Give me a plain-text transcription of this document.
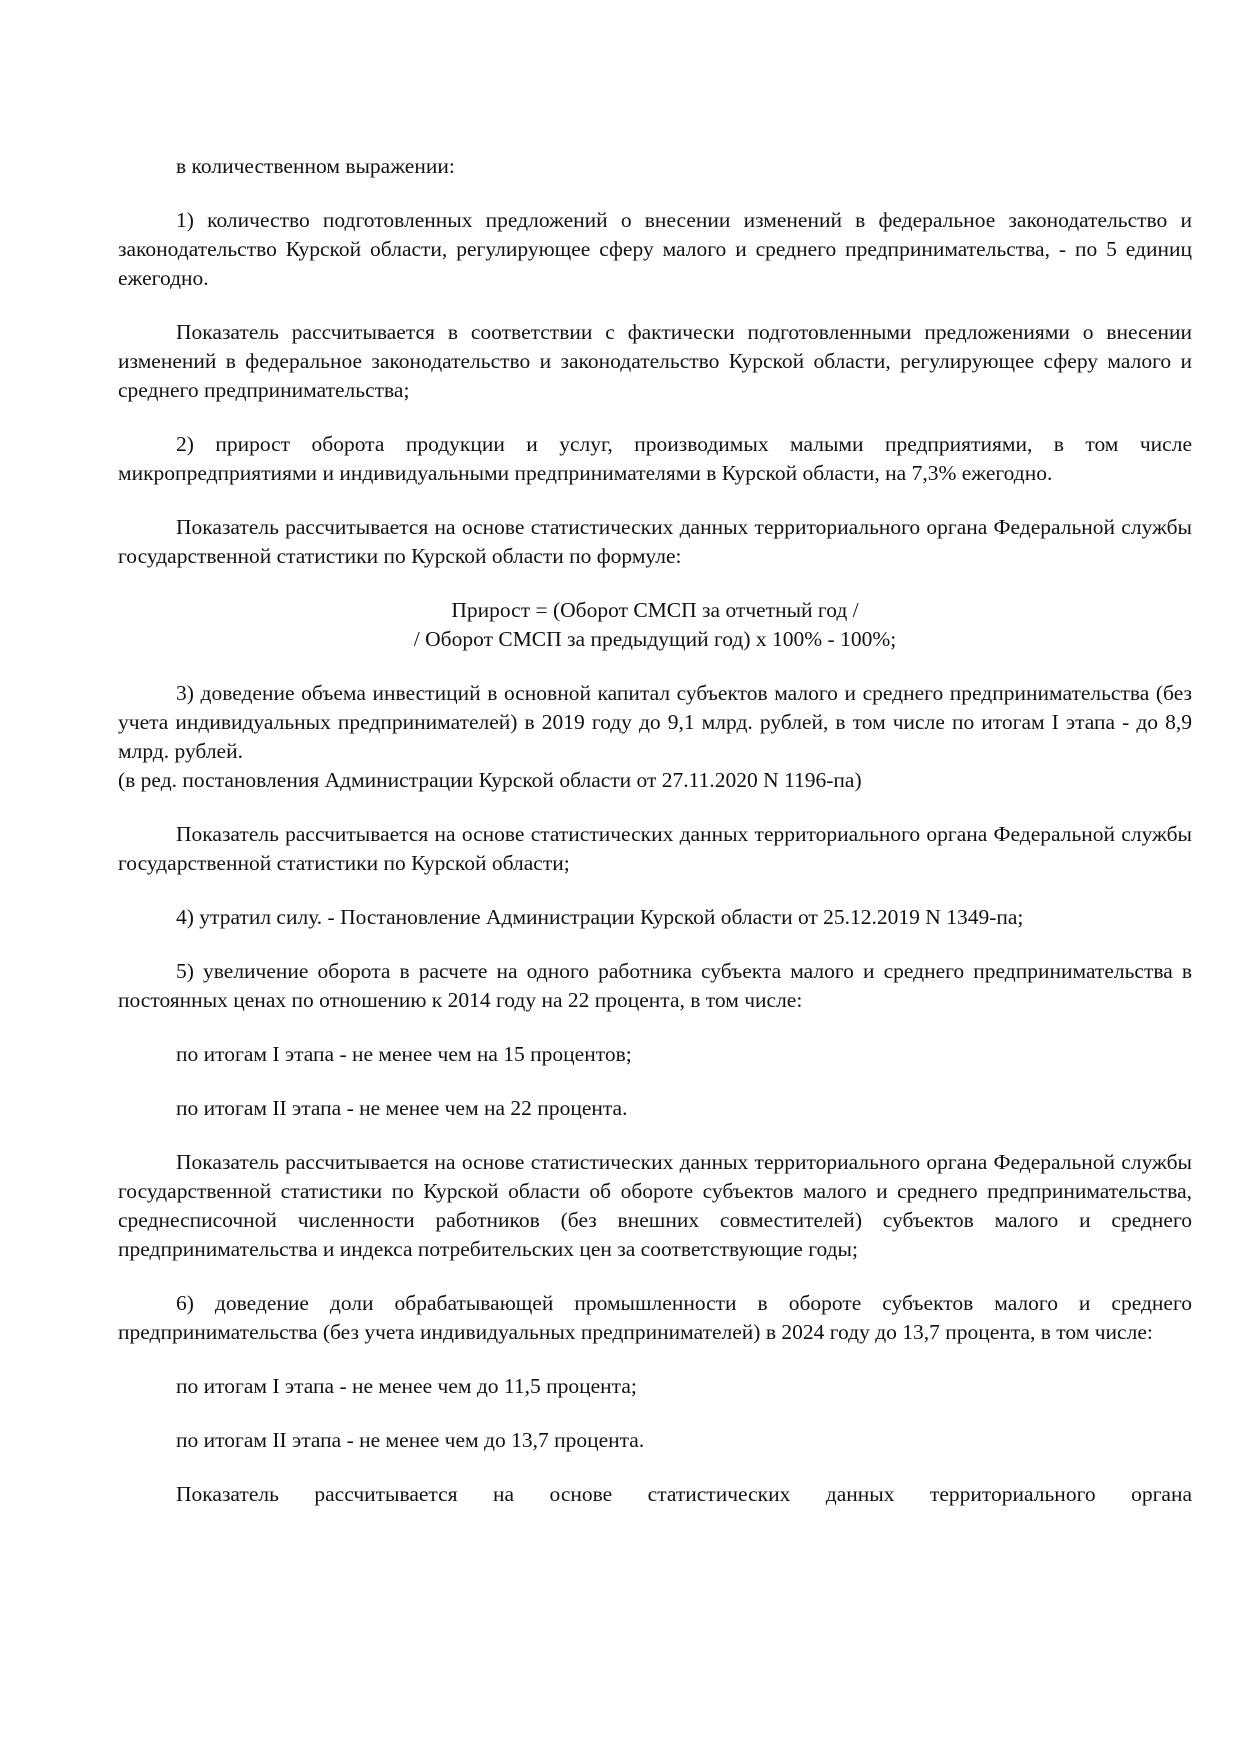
в количественном выражении:

1) количество подготовленных предложений о внесении изменений в федеральное законодательство и законодательство Курской области, регулирующее сферу малого и среднего предпринимательства, - по 5 единиц ежегодно.

Показатель рассчитывается в соответствии с фактически подготовленными предложениями о внесении изменений в федеральное законодательство и законодательство Курской области, регулирующее сферу малого и среднего предпринимательства;

2) прирост оборота продукции и услуг, производимых малыми предприятиями, в том числе микропредприятиями и индивидуальными предпринимателями в Курской области, на 7,3% ежегодно.

Показатель рассчитывается на основе статистических данных территориального органа Федеральной службы государственной статистики по Курской области по формуле:

Прирост = (Оборот СМСП за отчетный год /
/ Оборот СМСП за предыдущий год) x 100% - 100%;

3) доведение объема инвестиций в основной капитал субъектов малого и среднего предпринимательства (без учета индивидуальных предпринимателей) в 2019 году до 9,1 млрд. рублей, в том числе по итогам I этапа - до 8,9 млрд. рублей.

(в ред. постановления Администрации Курской области от 27.11.2020 N 1196-па)

Показатель рассчитывается на основе статистических данных территориального органа Федеральной службы государственной статистики по Курской области;

4) утратил силу. - Постановление Администрации Курской области от 25.12.2019 N 1349-па;

5) увеличение оборота в расчете на одного работника субъекта малого и среднего предпринимательства в постоянных ценах по отношению к 2014 году на 22 процента, в том числе:

по итогам I этапа - не менее чем на 15 процентов;

по итогам II этапа - не менее чем на 22 процента.

Показатель рассчитывается на основе статистических данных территориального органа Федеральной службы государственной статистики по Курской области об обороте субъектов малого и среднего предпринимательства, среднесписочной численности работников (без внешних совместителей) субъектов малого и среднего предпринимательства и индекса потребительских цен за соответствующие годы;

6) доведение доли обрабатывающей промышленности в обороте субъектов малого и среднего предпринимательства (без учета индивидуальных предпринимателей) в 2024 году до 13,7 процента, в том числе:

по итогам I этапа - не менее чем до 11,5 процента;

по итогам II этапа - не менее чем до 13,7 процента.

Показатель рассчитывается на основе статистических данных территориального органа
